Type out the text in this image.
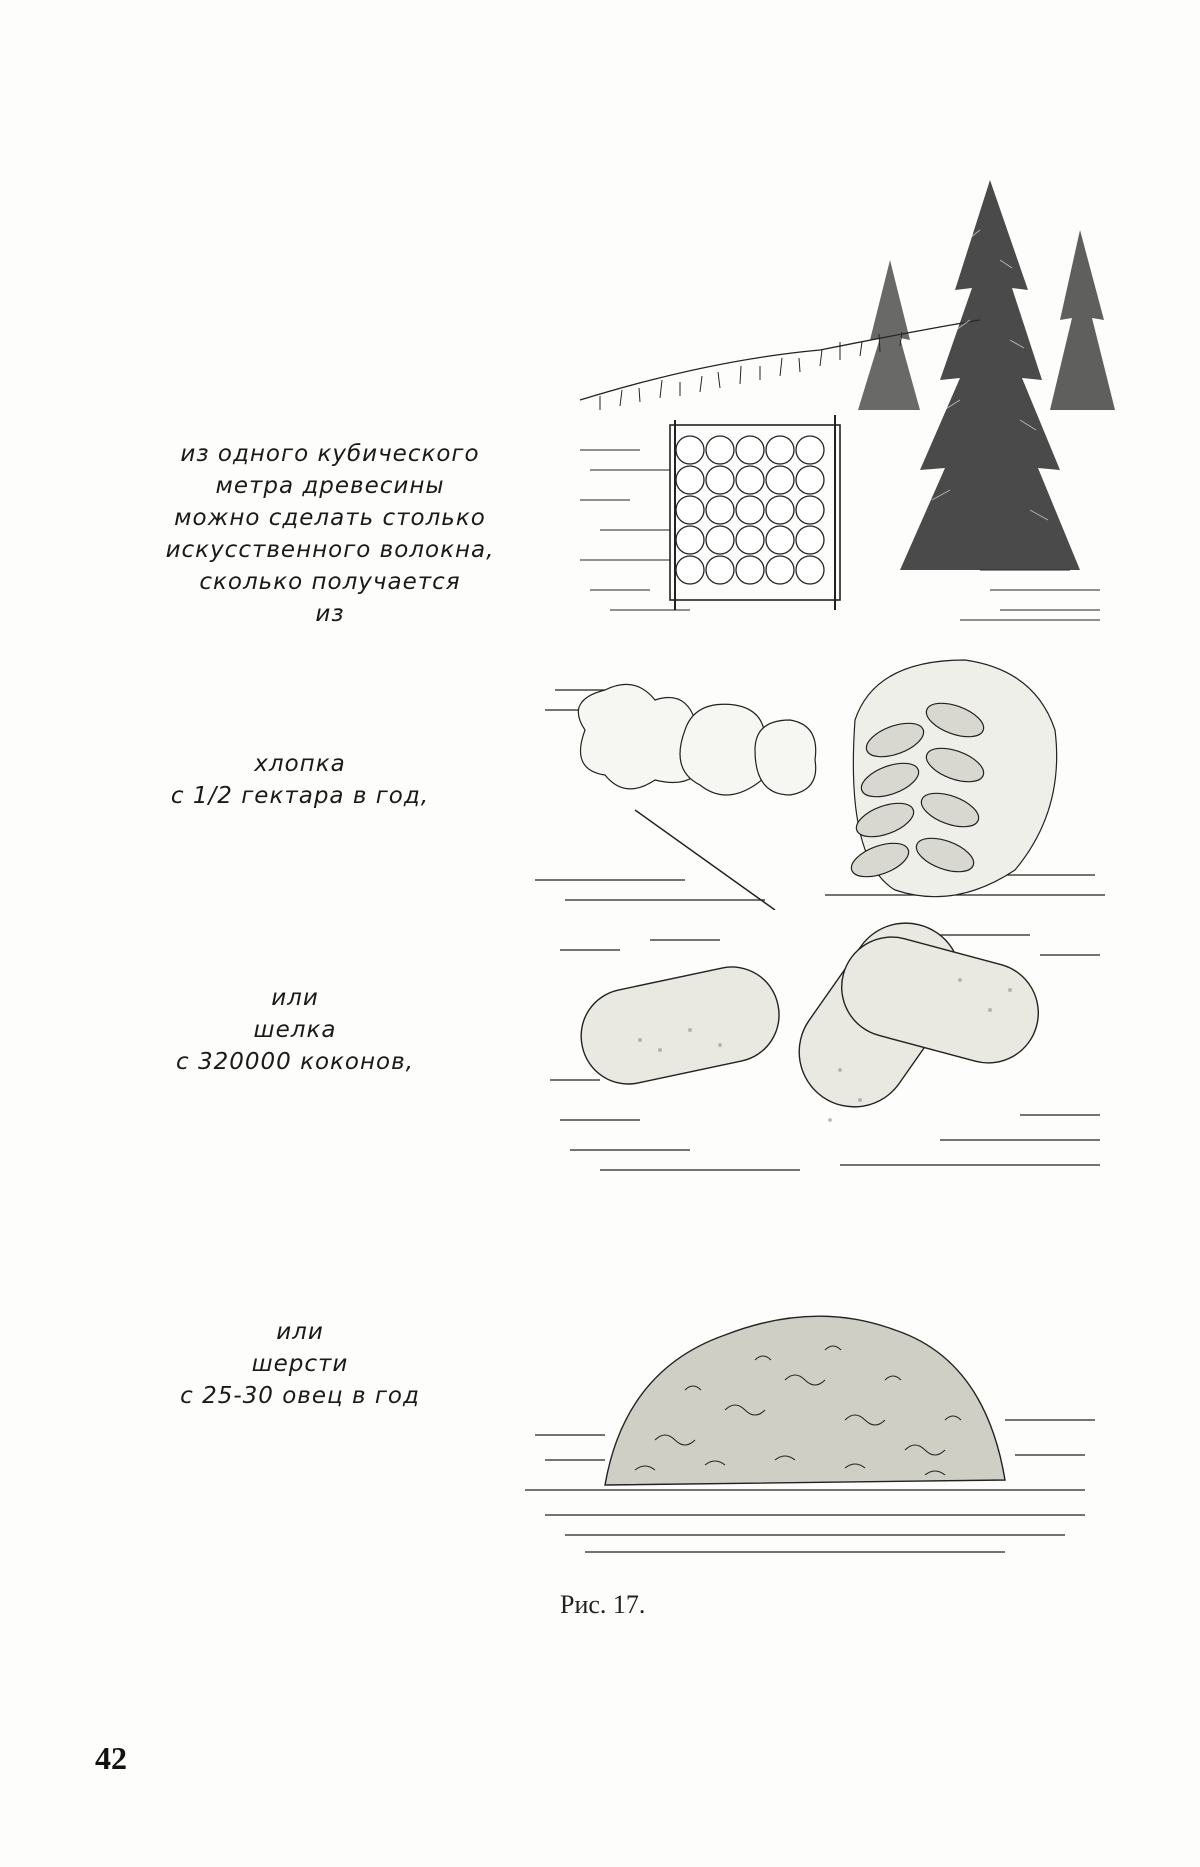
из одного кубического
метра древесины
можно сделать столько
искусственного волокна,
сколько получается
из
хлопка
с 1/2 гектара в год,
или
шелка
с 320000 коконов,
или
шерсти
с 25-30 овец в год
Рис. 17.
42
